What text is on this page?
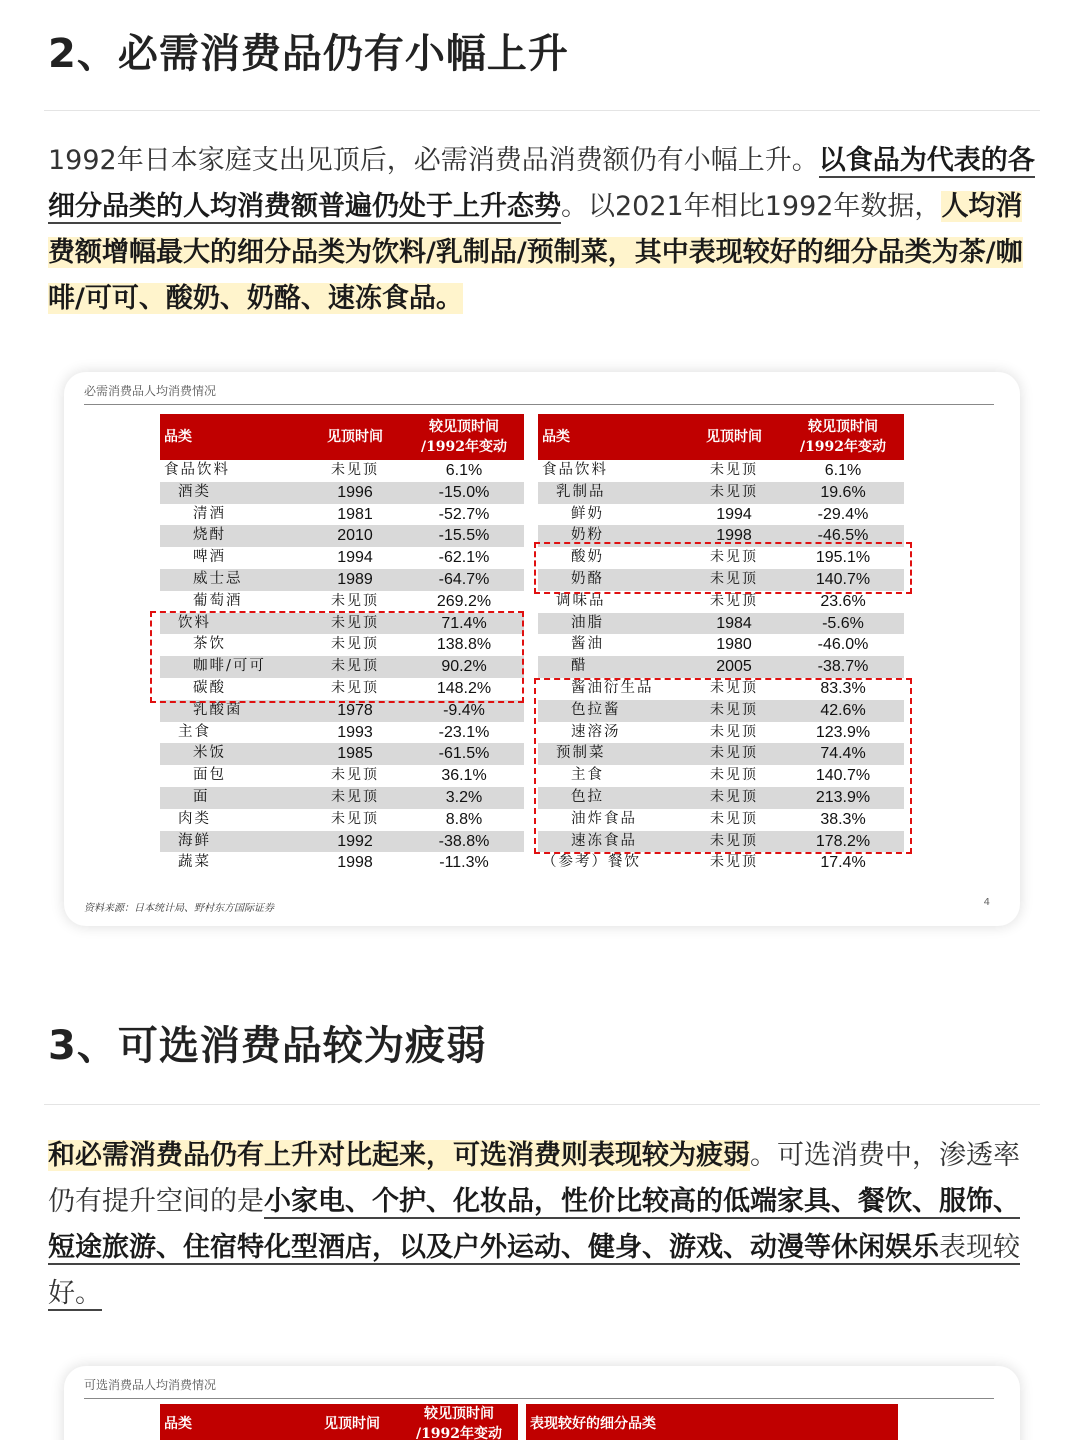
2、必需消费品仍有小幅上升
1992年日本家庭支出见顶后，必需消费品消费额仍有小幅上升。以食品为代表的各细分品类的人均消费额普遍仍处于上升态势。以2021年相比1992年数据，人均消费额增幅最大的细分品类为饮料/乳制品/预制菜，其中表现较好的细分品类为茶/咖啡/可可、酸奶、奶酪、速冻食品。
必需消费品人均消费情况
品类	见顶时间	较见顶时间
/1992年变动
食品饮料	未见顶	6.1%
酒类	1996	-15.0%
清酒	1981	-52.7%
烧酎	2010	-15.5%
啤酒	1994	-62.1%
威士忌	1989	-64.7%
葡萄酒	未见顶	269.2%
饮料	未见顶	71.4%
茶饮	未见顶	138.8%
咖啡/可可	未见顶	90.2%
碳酸	未见顶	148.2%
乳酸菌	1978	-9.4%
主食	1993	-23.1%
米饭	1985	-61.5%
面包	未见顶	36.1%
面	未见顶	3.2%
肉类	未见顶	8.8%
海鲜	1992	-38.8%
蔬菜	1998	-11.3%
品类	见顶时间	较见顶时间
/1992年变动
食品饮料	未见顶	6.1%
乳制品	未见顶	19.6%
鲜奶	1994	-29.4%
奶粉	1998	-46.5%
酸奶	未见顶	195.1%
奶酪	未见顶	140.7%
调味品	未见顶	23.6%
油脂	1984	-5.6%
酱油	1980	-46.0%
醋	2005	-38.7%
酱油衍生品	未见顶	83.3%
色拉酱	未见顶	42.6%
速溶汤	未见顶	123.9%
预制菜	未见顶	74.4%
主食	未见顶	140.7%
色拉	未见顶	213.9%
油炸食品	未见顶	38.3%
速冻食品	未见顶	178.2%
（参考）餐饮	未见顶	17.4%
资料来源：日本统计局、野村东方国际证券
4
3、可选消费品较为疲弱
和必需消费品仍有上升对比起来，可选消费则表现较为疲弱。可选消费中，渗透率仍有提升空间的是小家电、个护、化妆品，性价比较高的低端家具、餐饮、服饰、短途旅游、住宿特化型酒店，以及户外运动、健身、游戏、动漫等休闲娱乐表现较好。
可选消费品人均消费情况
品类	见顶时间	较见顶时间
/1992年变动
表现较好的细分品类
